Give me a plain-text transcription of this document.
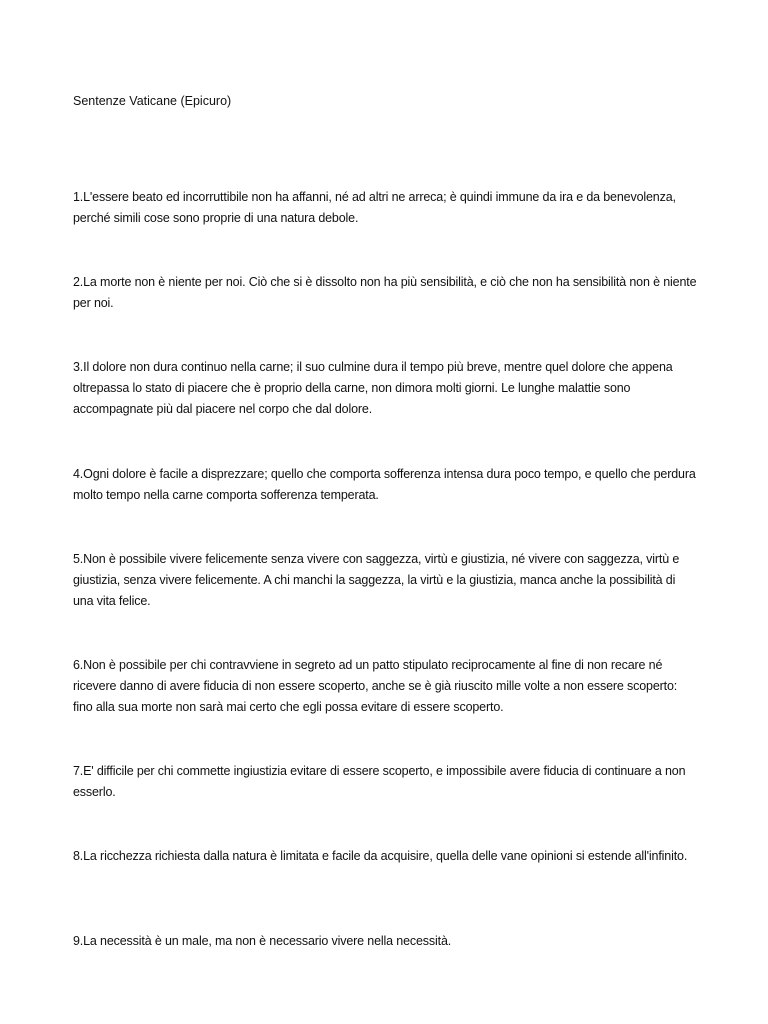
Sentenze Vaticane (Epicuro)

1.L'essere beato ed incorruttibile non ha affanni, né ad altri ne arreca; è quindi immune da ira e da benevolenza, perché simili cose sono proprie di una natura debole.

2.La morte non è niente per noi. Ciò che si è dissolto non ha più sensibilità, e ciò che non ha sensibilità non è niente per noi.

3.Il dolore non dura continuo nella carne; il suo culmine dura il tempo più breve, mentre quel dolore che appena oltrepassa lo stato di piacere che è proprio della carne, non dimora molti giorni. Le lunghe malattie sono accompagnate più dal piacere nel corpo che dal dolore.

4.Ogni dolore è facile a disprezzare; quello che comporta sofferenza intensa dura poco tempo, e quello che perdura molto tempo nella carne comporta sofferenza temperata.

5.Non è possibile vivere felicemente senza vivere con saggezza, virtù e giustizia, né vivere con saggezza, virtù e giustizia, senza vivere felicemente. A chi manchi la saggezza, la virtù e la giustizia, manca anche la possibilità di una vita felice.

6.Non è possibile per chi contravviene in segreto ad un patto stipulato reciprocamente al fine di non recare né ricevere danno di avere fiducia di non essere scoperto, anche se è già riuscito mille volte a non essere scoperto: fino alla sua morte non sarà mai certo che egli possa evitare di essere scoperto.

7.E' difficile per chi commette ingiustizia evitare di essere scoperto, e impossibile avere fiducia di continuare a non esserlo.

8.La ricchezza richiesta dalla natura è limitata e facile da acquisire, quella delle vane opinioni si estende all'infinito.

9.La necessità è un male, ma non è necessario vivere nella necessità.
